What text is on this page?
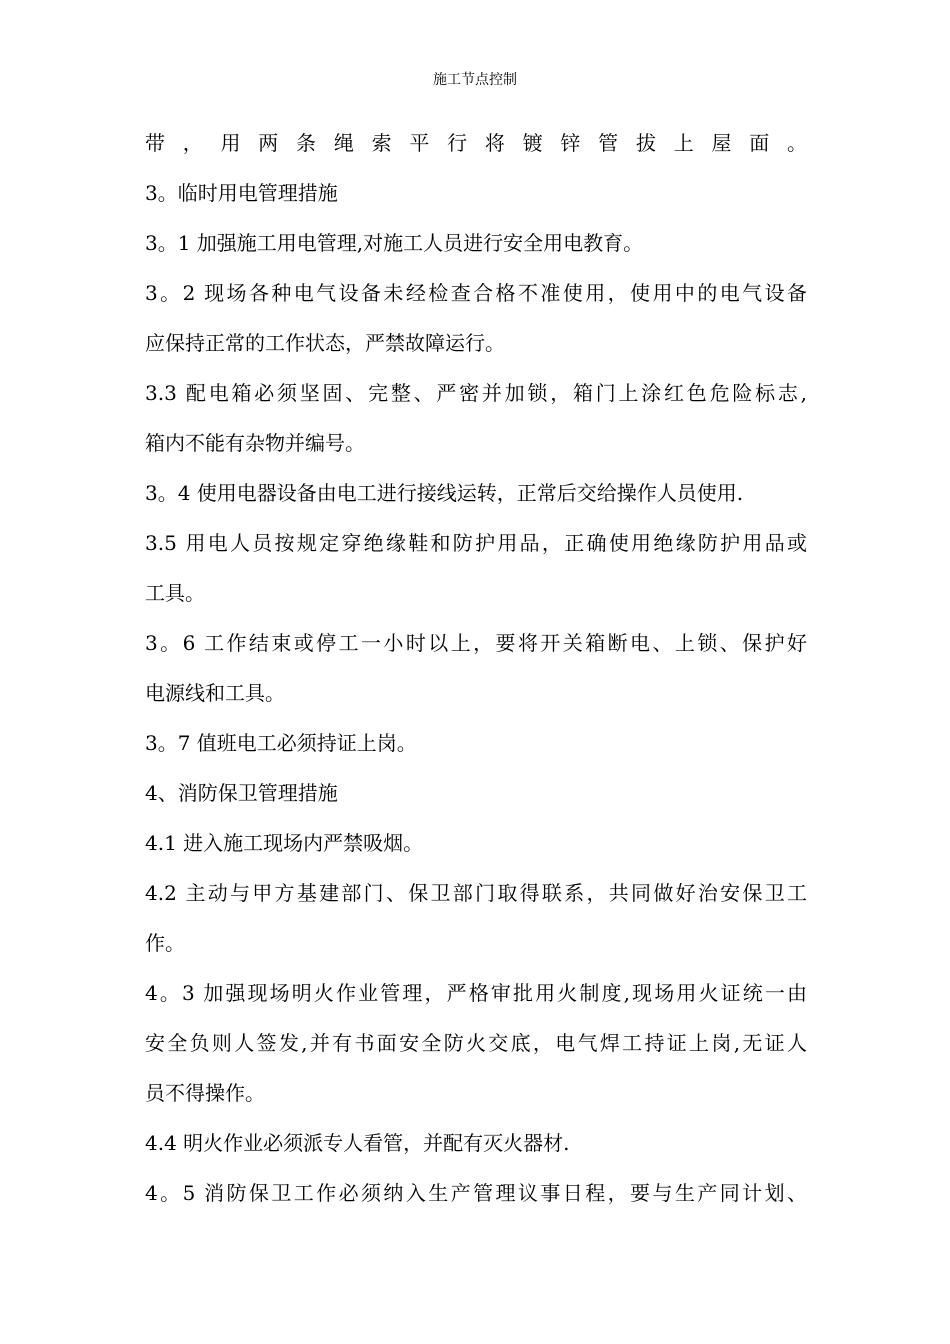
施工节点控制
带，用两条绳索平行将镀锌管拔上屋面。
3。临时用电管理措施
3。1 加强施工用电管理,对施工人员进行安全用电教育。
3。2 现场各种电气设备未经检查合格不准使用，使用中的电气设备
应保持正常的工作状态，严禁故障运行。
3.3 配电箱必须坚固、完整、严密并加锁，箱门上涂红色危险标志,
箱内不能有杂物并编号。
3。4 使用电器设备由电工进行接线运转，正常后交给操作人员使用.
3.5 用电人员按规定穿绝缘鞋和防护用品，正确使用绝缘防护用品或
工具。
3。6 工作结束或停工一小时以上，要将开关箱断电、上锁、保护好
电源线和工具。
3。7 值班电工必须持证上岗。
4、消防保卫管理措施
4.1 进入施工现场内严禁吸烟。
4.2 主动与甲方基建部门、保卫部门取得联系，共同做好治安保卫工
作。
4。3 加强现场明火作业管理，严格审批用火制度,现场用火证统一由
安全负则人签发,并有书面安全防火交底，电气焊工持证上岗,无证人
员不得操作。
4.4 明火作业必须派专人看管，并配有灭火器材.
4。5 消防保卫工作必须纳入生产管理议事日程，要与生产同计划、
